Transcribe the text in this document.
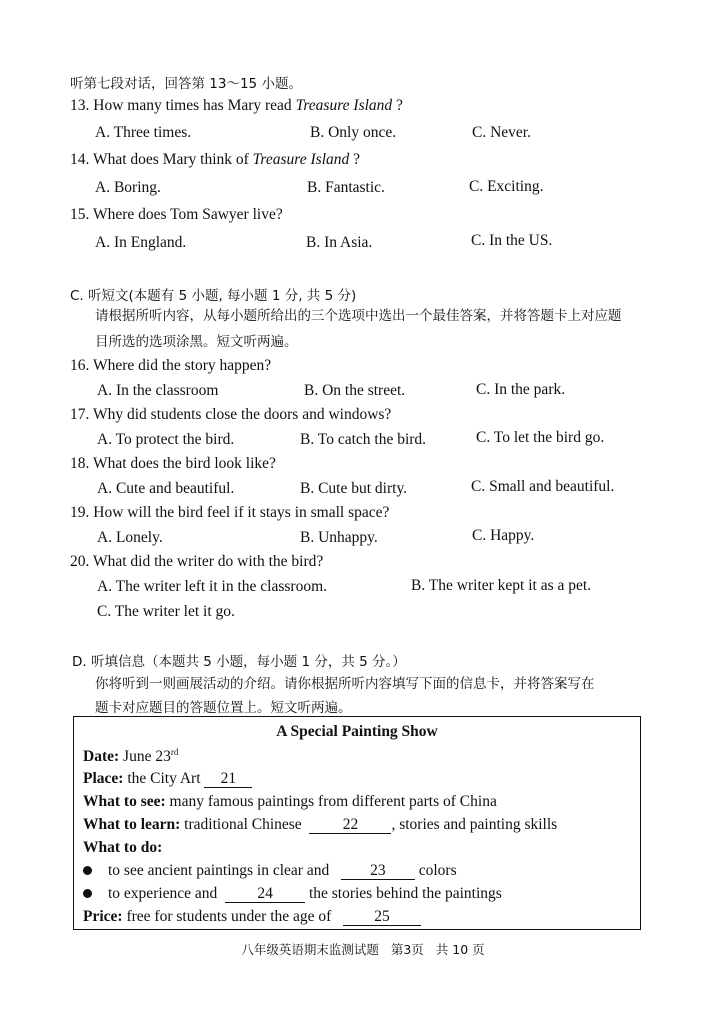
听第七段对话，回答第 13～15 小题。
13. How many times has Mary read Treasure Island ?
A. Three times.	B. Only once.	C. Never.
14. What does Mary think of Treasure Island ?
A. Boring.	B. Fantastic.	C. Exciting.
15. Where does Tom Sawyer live?
A. In England.	B. In Asia.	C. In the US.
C. 听短文(本题有 5 小题, 每小题 1 分, 共 5 分)
请根据所听内容，从每小题所给出的三个选项中选出一个最佳答案，并将答题卡上对应题
目所选的选项涂黑。短文听两遍。
16. Where did the story happen?
A. In the classroom	B. On the street.	C. In the park.
17. Why did students close the doors and windows?
A. To protect the bird.	B. To catch the bird.	C. To let the bird go.
18. What does the bird look like?
A. Cute and beautiful.	B. Cute but dirty.	C. Small and beautiful.
19. How will the bird feel if it stays in small space?
A. Lonely.	B. Unhappy.	C. Happy.
20. What did the writer do with the bird?
A. The writer left it in the classroom.	B. The writer kept it as a pet.
C. The writer let it go.
D. 听填信息（本题共 5 小题，每小题 1 分，共 5 分。）
你将听到一则画展活动的介绍。请你根据所听内容填写下面的信息卡，并将答案写在
题卡对应题目的答题位置上。短文听两遍。
A Special Painting Show
Date: June 23rd
Place: the City Art 21
What to see: many famous paintings from different parts of China
What to learn: traditional Chinese  22 , stories and painting skills
What to do:
to see ancient paintings in clear and   23 colors
to experience and  24 the stories behind the paintings
Price: free for students under the age of	25
八年级英语期末监测试题 第3页 共 10 页
